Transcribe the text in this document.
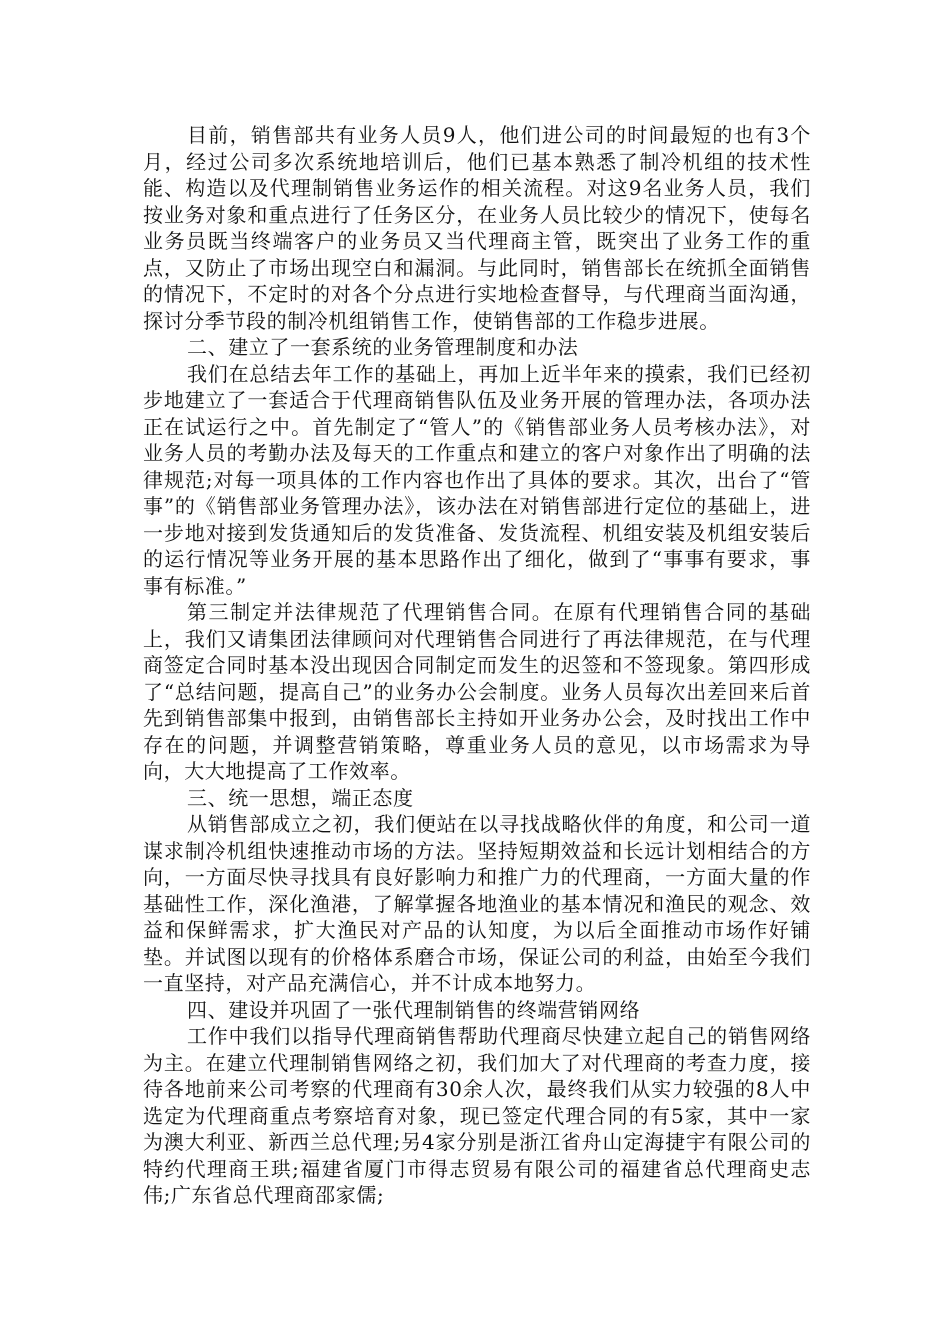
目前，销售部共有业务人员9人，他们进公司的时间最短的也有3个月，经过公司多次系统地培训后，他们已基本熟悉了制冷机组的技术性能、构造以及代理制销售业务运作的相关流程。对这9名业务人员，我们按业务对象和重点进行了任务区分，在业务人员比较少的情况下，使每名业务员既当终端客户的业务员又当代理商主管，既突出了业务工作的重点，又防止了市场出现空白和漏洞。与此同时，销售部长在统抓全面销售的情况下，不定时的对各个分点进行实地检查督导，与代理商当面沟通，探讨分季节段的制冷机组销售工作，使销售部的工作稳步进展。

二、建立了一套系统的业务管理制度和办法

我们在总结去年工作的基础上，再加上近半年来的摸索，我们已经初步地建立了一套适合于代理商销售队伍及业务开展的管理办法，各项办法正在试运行之中。首先制定了“管人”的《销售部业务人员考核办法》，对业务人员的考勤办法及每天的工作重点和建立的客户对象作出了明确的法律规范;对每一项具体的工作内容也作出了具体的要求。其次，出台了“管事”的《销售部业务管理办法》，该办法在对销售部进行定位的基础上，进一步地对接到发货通知后的发货准备、发货流程、机组安装及机组安装后的运行情况等业务开展的基本思路作出了细化，做到了“事事有要求，事事有标准。”

第三制定并法律规范了代理销售合同。在原有代理销售合同的基础上，我们又请集团法律顾问对代理销售合同进行了再法律规范，在与代理商签定合同时基本没出现因合同制定而发生的迟签和不签现象。第四形成了“总结问题，提高自己”的业务办公会制度。业务人员每次出差回来后首先到销售部集中报到，由销售部长主持如开业务办公会，及时找出工作中存在的问题，并调整营销策略，尊重业务人员的意见，以市场需求为导向，大大地提高了工作效率。

三、统一思想，端正态度

从销售部成立之初，我们便站在以寻找战略伙伴的角度，和公司一道谋求制冷机组快速推动市场的方法。坚持短期效益和长远计划相结合的方向，一方面尽快寻找具有良好影响力和推广力的代理商，一方面大量的作基础性工作，深化渔港，了解掌握各地渔业的基本情况和渔民的观念、效益和保鲜需求，扩大渔民对产品的认知度，为以后全面推动市场作好铺垫。并试图以现有的价格体系磨合市场，保证公司的利益，由始至今我们一直坚持，对产品充满信心，并不计成本地努力。

四、建设并巩固了一张代理制销售的终端营销网络

工作中我们以指导代理商销售帮助代理商尽快建立起自己的销售网络为主。在建立代理制销售网络之初，我们加大了对代理商的考查力度，接待各地前来公司考察的代理商有30余人次，最终我们从实力较强的8人中选定为代理商重点考察培育对象，现已签定代理合同的有5家，其中一家为澳大利亚、新西兰总代理;另4家分别是浙江省舟山定海捷宇有限公司的特约代理商王珙;福建省厦门市得志贸易有限公司的福建省总代理商史志伟;广东省总代理商邵家儒;
